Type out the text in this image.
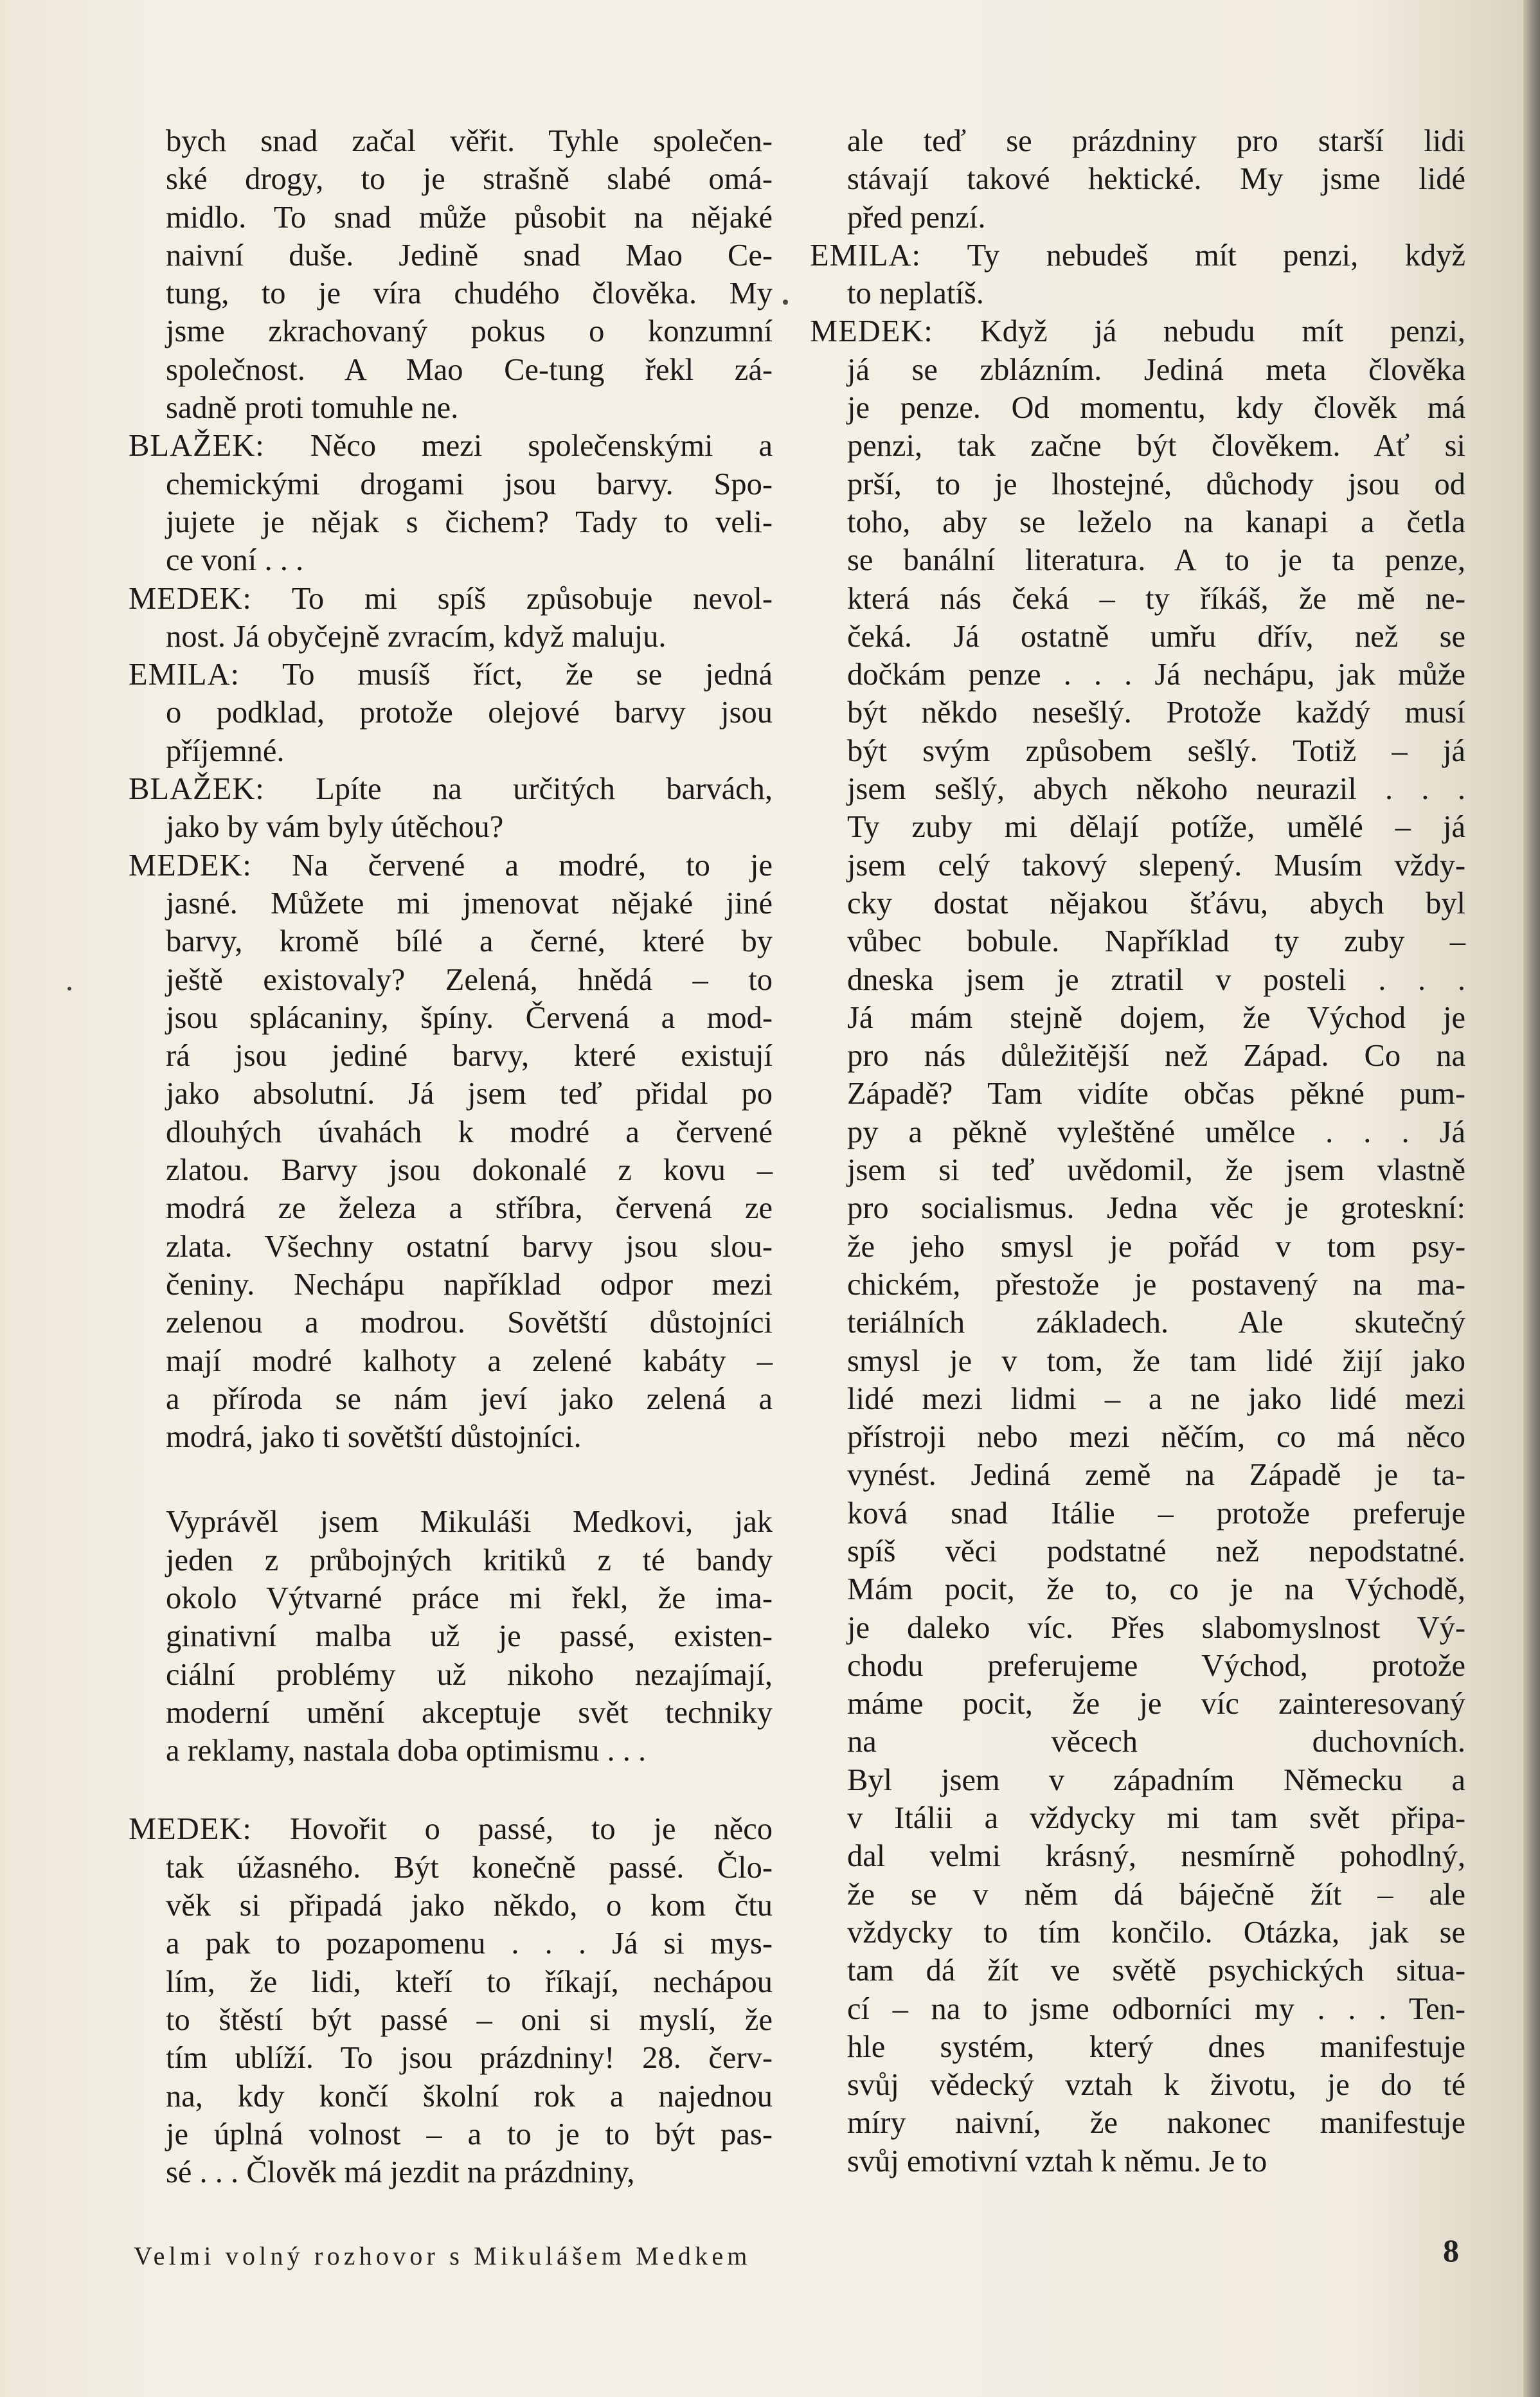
bych snad začal věřit. Tyhle společen-
ské drogy, to je strašně slabé omá-
midlo. To snad může působit na nějaké
naivní duše. Jedině snad Mao Ce-
tung, to je víra chudého člověka. My
jsme zkrachovaný pokus o konzumní
společnost. A Mao Ce-tung řekl zá-
sadně proti tomuhle ne.
BLAŽEK: Něco mezi společenskými a
chemickými drogami jsou barvy. Spo-
jujete je nějak s čichem? Tady to veli-
ce voní . . .
MEDEK: To mi spíš způsobuje nevol-
nost. Já obyčejně zvracím, když maluju.
EMILA: To musíš říct, že se jedná
o podklad, protože olejové barvy jsou
příjemné.
BLAŽEK: Lpíte na určitých barvách,
jako by vám byly útěchou?
MEDEK: Na červené a modré, to je
jasné. Můžete mi jmenovat nějaké jiné
barvy, kromě bílé a černé, které by
ještě existovaly? Zelená, hnědá – to
jsou splácaniny, špíny. Červená a mod-
rá jsou jediné barvy, které existují
jako absolutní. Já jsem teď přidal po
dlouhých úvahách k modré a červené
zlatou. Barvy jsou dokonalé z kovu –
modrá ze železa a stříbra, červená ze
zlata. Všechny ostatní barvy jsou slou-
čeniny. Nechápu například odpor mezi
zelenou a modrou. Sovětští důstojníci
mají modré kalhoty a zelené kabáty –
a příroda se nám jeví jako zelená a
modrá, jako ti sovětští důstojníci.
Vyprávěl jsem Mikuláši Medkovi, jak
jeden z průbojných kritiků z té bandy
okolo Výtvarné práce mi řekl, že ima-
ginativní malba už je passé, existen-
ciální problémy už nikoho nezajímají,
moderní umění akceptuje svět techniky
a reklamy, nastala doba optimismu . . .
MEDEK: Hovořit o passé, to je něco
tak úžasného. Být konečně passé. Člo-
věk si připadá jako někdo, o kom čtu
a pak to pozapomenu . . . Já si mys-
lím, že lidi, kteří to říkají, nechápou
to štěstí být passé – oni si myslí, že
tím ublíží. To jsou prázdniny! 28. červ-
na, kdy končí školní rok a najednou
je úplná volnost – a to je to být pas-
sé . . . Člověk má jezdit na prázdniny,
ale teď se prázdniny pro starší lidi
stávají takové hektické. My jsme lidé
před penzí.
EMILA: Ty nebudeš mít penzi, když
to neplatíš.
MEDEK: Když já nebudu mít penzi,
já se zblázním. Jediná meta člověka
je penze. Od momentu, kdy člověk má
penzi, tak začne být člověkem. Ať si
prší, to je lhostejné, důchody jsou od
toho, aby se leželo na kanapi a četla
se banální literatura. A to je ta penze,
která nás čeká – ty říkáš, že mě ne-
čeká. Já ostatně umřu dřív, než se
dočkám penze . . . Já nechápu, jak může
být někdo nesešlý. Protože každý musí
být svým způsobem sešlý. Totiž – já
jsem sešlý, abych někoho neurazil . . .
Ty zuby mi dělají potíže, umělé – já
jsem celý takový slepený. Musím vždy-
cky dostat nějakou šťávu, abych byl
vůbec bobule. Například ty zuby –
dneska jsem je ztratil v posteli . . .
Já mám stejně dojem, že Východ je
pro nás důležitější než Západ. Co na
Západě? Tam vidíte občas pěkné pum-
py a pěkně vyleštěné umělce . . . Já
jsem si teď uvědomil, že jsem vlastně
pro socialismus. Jedna věc je groteskní:
že jeho smysl je pořád v tom psy-
chickém, přestože je postavený na ma-
teriálních základech. Ale skutečný
smysl je v tom, že tam lidé žijí jako
lidé mezi lidmi – a ne jako lidé mezi
přístroji nebo mezi něčím, co má něco
vynést. Jediná země na Západě je ta-
ková snad Itálie – protože preferuje
spíš věci podstatné než nepodstatné.
Mám pocit, že to, co je na Východě,
je daleko víc. Přes slabomyslnost Vý-
chodu preferujeme Východ, protože
máme pocit, že je víc zainteresovaný
na věcech duchovních.
Byl jsem v západním Německu a
v Itálii a vždycky mi tam svět připa-
dal velmi krásný, nesmírně pohodlný,
že se v něm dá báječně žít – ale
vždycky to tím končilo. Otázka, jak se
tam dá žít ve světě psychických situa-
cí – na to jsme odborníci my . . . Ten-
hle systém, který dnes manifestuje
svůj vědecký vztah k životu, je do té
míry naivní, že nakonec manifestuje
svůj emotivní vztah k němu. Je to
Velmi volný rozhovor s Mikulášem Medkem	8
